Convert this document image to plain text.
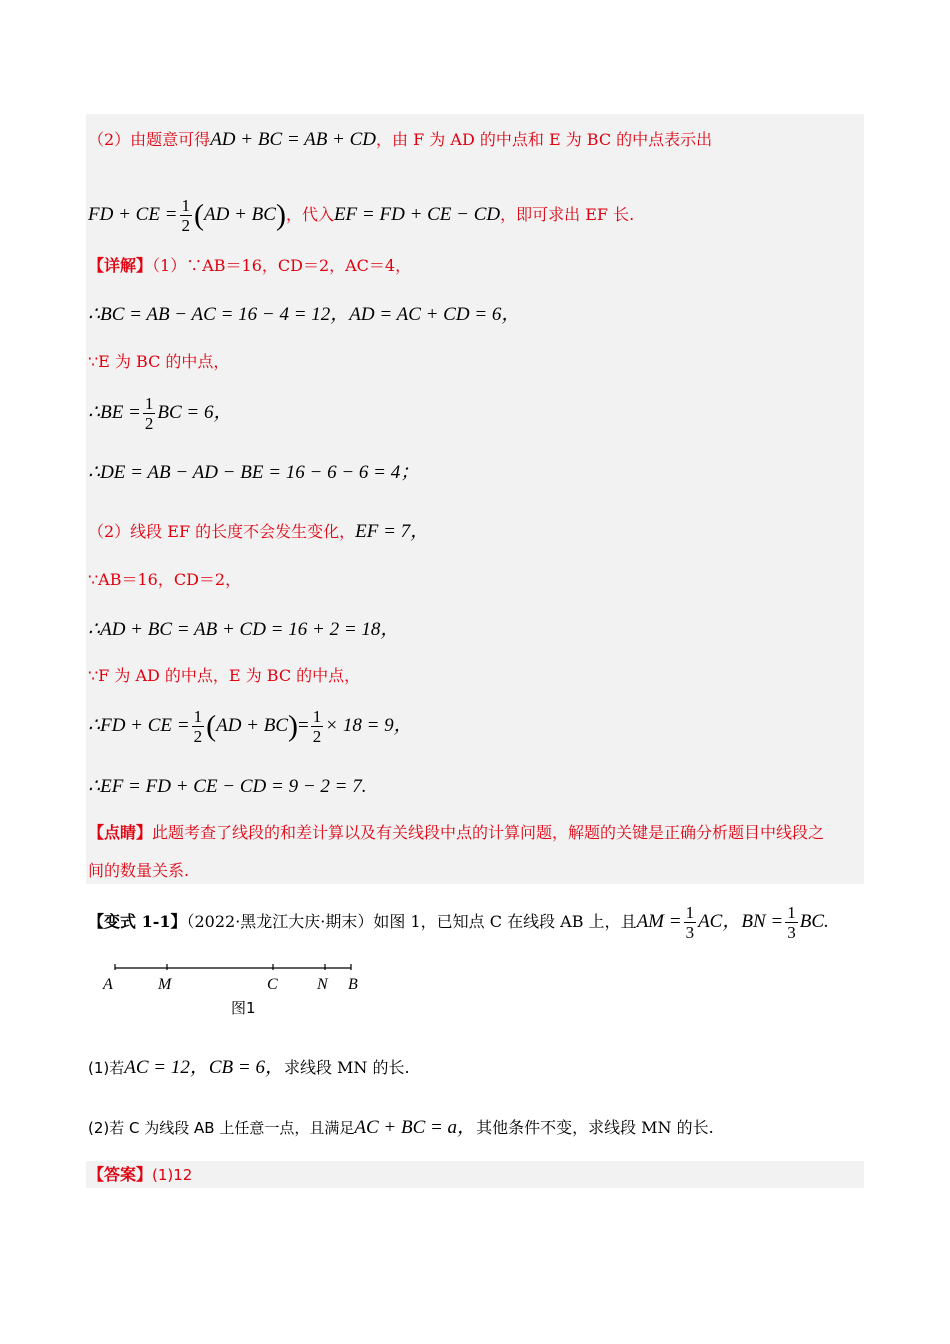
（2）由题意可得AD + BC = AB + CD，由 F 为 AD 的中点和 E 为 BC 的中点表示出
FD + CE = $\frac{1}{2} (AD + BC)$，代入EF = FD + CE − CD，即可求出 EF 长.
【详解】（1）∵AB＝16，CD＝2，AC＝4，
∴BC = AB − AC = 16 − 4 = 12，AD = AC + CD = 6，
∵E 为 BC 的中点，
∴BE = $\frac{1}{2}$ BC = 6，
∴DE = AB − AD − BE = 16 − 6 − 6 = 4；
（2）线段 EF 的长度不会发生变化，EF = 7，
∵AB＝16，CD＝2，
∴AD + BC = AB + CD = 16 + 2 = 18，
∵F 为 AD 的中点，E 为 BC 的中点，
∴FD + CE = $\frac{1}{2} (AD + BC)= \frac{1}{2} \times 18 = 9$，
∴EF = FD + CE − CD = 9 − 2 = 7.
【点睛】此题考查了线段的和差计算以及有关线段中点的计算问题，解题的关键是正确分析题目中线段之
间的数量关系.
【变式 1-1】（2022·黑龙江大庆·期末）如图 1，已知点 C 在线段 AB 上，且AM = $\frac{1}{3}$ AC，BN = $\frac{1}{3}$ BC.
A	M	C N B
图1
(1)若AC = 12，CB = 6，求线段 MN 的长.
(2)若 C 为线段 AB 上任意一点，且满足AC + BC = a，其他条件不变，求线段 MN 的长.
【答案】(1)12
